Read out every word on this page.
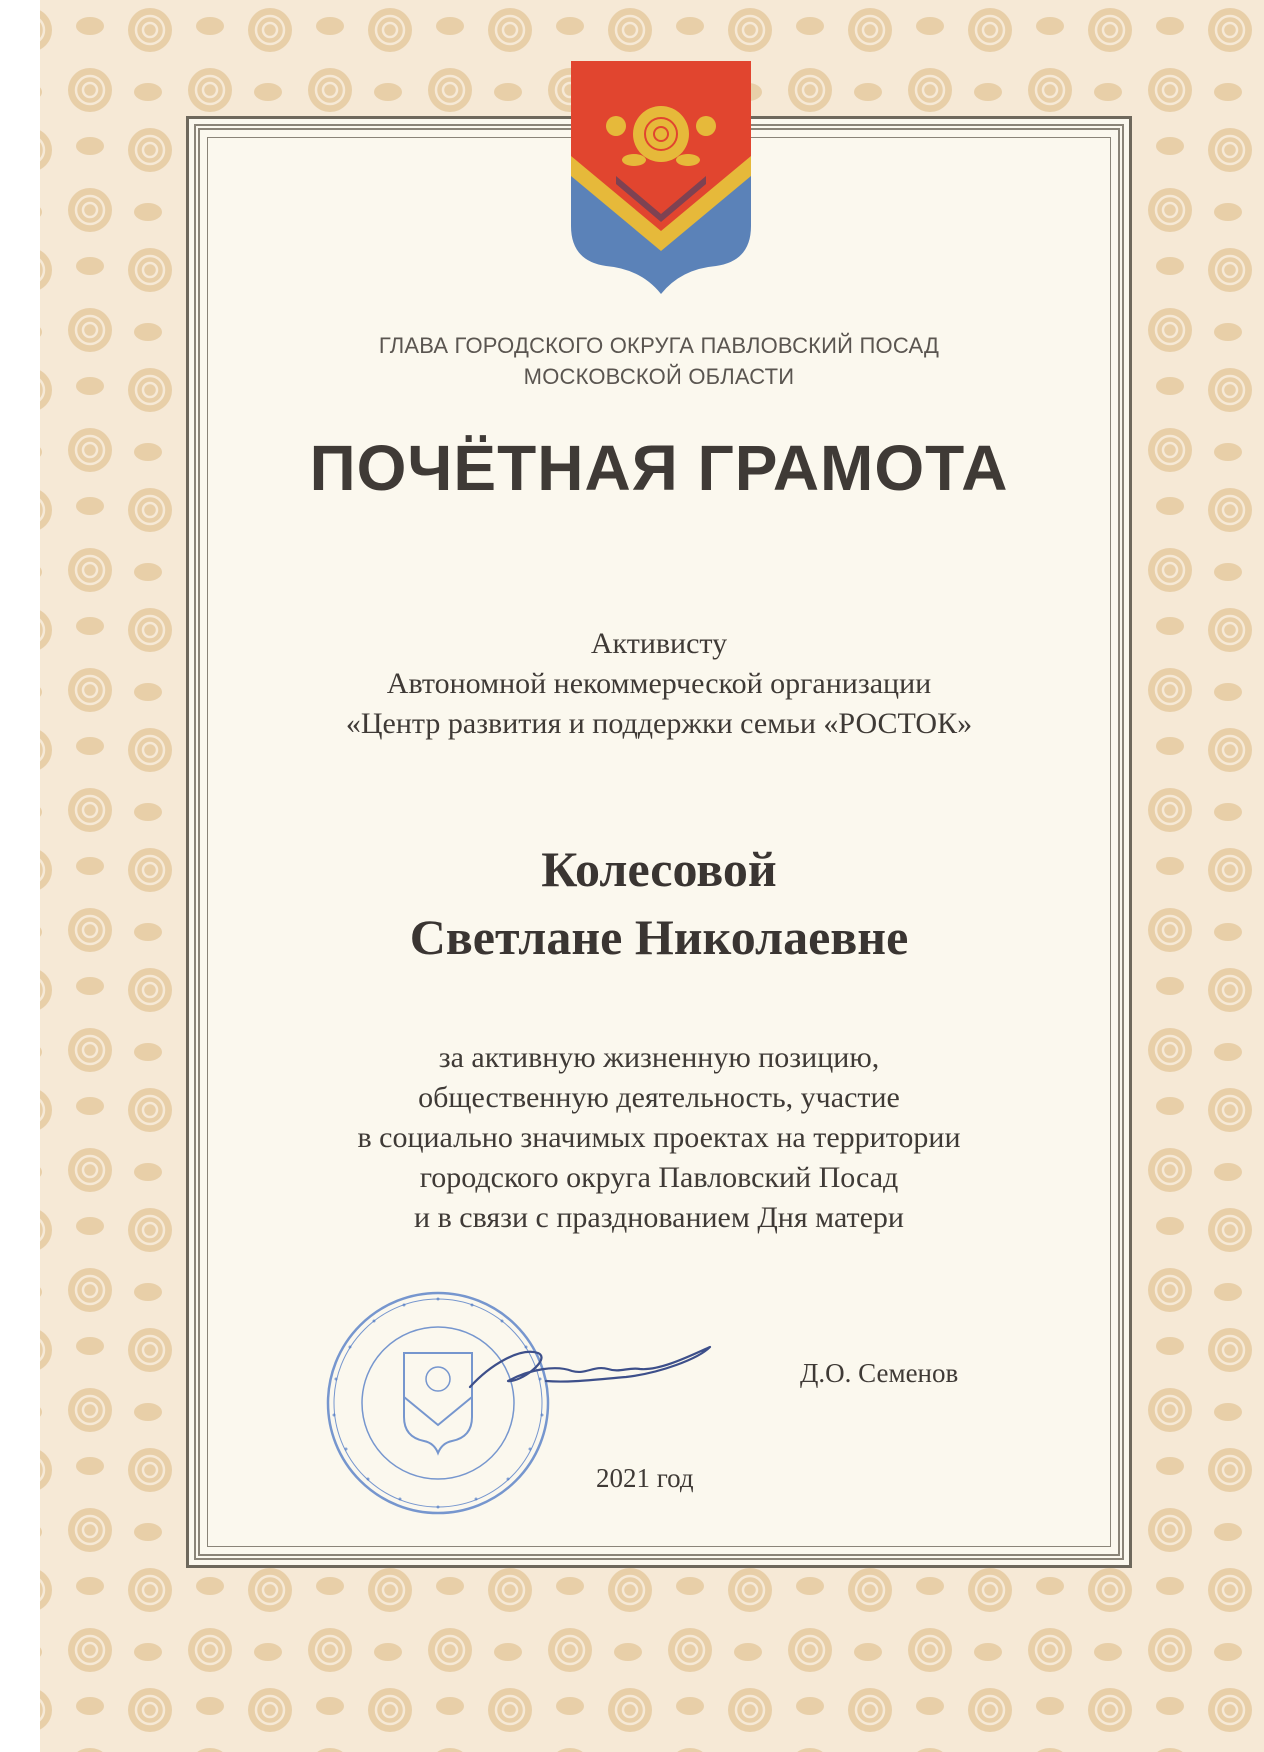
ГЛАВА ГОРОДСКОГО ОКРУГА ПАВЛОВСКИЙ ПОСАД
МОСКОВСКОЙ ОБЛАСТИ
ПОЧЁТНАЯ ГРАМОТА
Активисту
Автономной некоммерческой организации
«Центр развития и поддержки семьи «РОСТОК»
Колесовой
Светлане Николаевне
за активную жизненную позицию,
общественную деятельность, участие
в социально значимых проектах на территории
городского округа Павловский Посад
и в связи с празднованием Дня матери
Д.О. Семенов
2021 год
